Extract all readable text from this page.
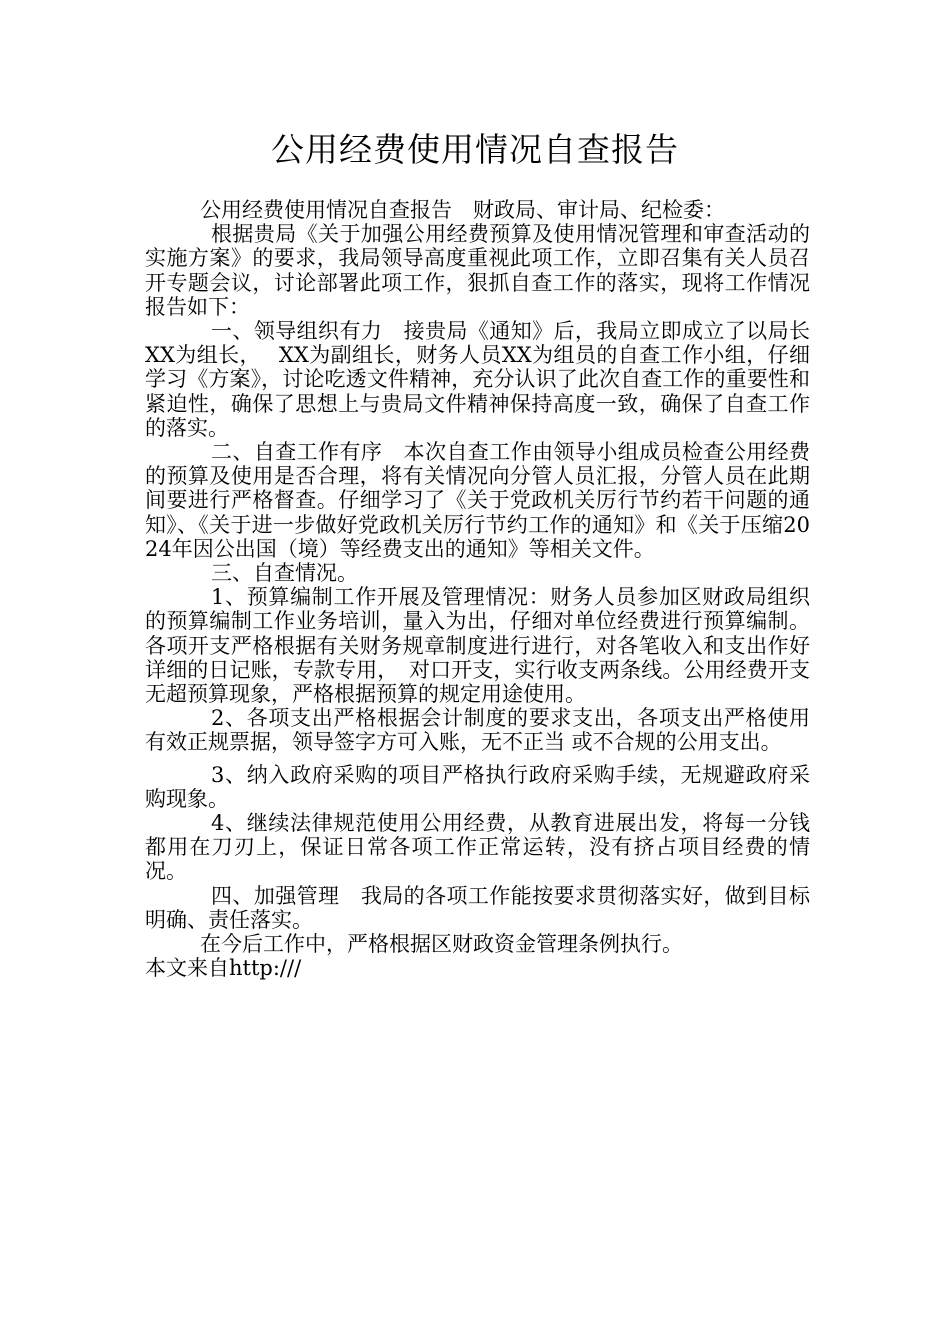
公用经费使用情况自查报告

公用经费使用情况自查报告　财政局、审计局、纪检委：

根据贵局《关于加强公用经费预算及使用情况管理和审查活动的实施方案》的要求，我局领导高度重视此项工作，立即召集有关人员召开专题会议，讨论部署此项工作，狠抓自查工作的落实，现将工作情况报告如下：

一、领导组织有力　接贵局《通知》后，我局立即成立了以局长XX为组长，　 XX为副组长，财务人员XX为组员的自查工作小组，仔细学习《方案》，讨论吃透文件精神，充分认识了此次自查工作的重要性和紧迫性，确保了思想上与贵局文件精神保持高度一致，确保了自查工作的落实。

二、自查工作有序　本次自查工作由领导小组成员检查公用经费的预算及使用是否合理，将有关情况向分管人员汇报，分管人员在此期间要进行严格督查。仔细学习了《关于党政机关厉行节约若干问题的通知》、《关于进一步做好党政机关厉行节约工作的通知》和《关于压缩2024年因公出国（境）等经费支出的通知》等相关文件。

三、自查情况。

1、预算编制工作开展及管理情况：财务人员参加区财政局组织的预算编制工作业务培训，量入为出，仔细对单位经费进行预算编制。各项开支严格根据有关财务规章制度进行进行，对各笔收入和支出作好详细的日记账，专款专用，　对口开支，实行收支两条线。公用经费开支无超预算现象，严格根据预算的规定用途使用。

2、各项支出严格根据会计制度的要求支出，各项支出严格使用有效正规票据，领导签字方可入账，无不正当 或不合规的公用支出。

3、纳入政府采购的项目严格执行政府采购手续，无规避政府采购现象。

4、继续法律规范使用公用经费，从教育进展出发，将每一分钱都用在刀刃上，保证日常各项工作正常运转，没有挤占项目经费的情况。

四、加强管理　我局的各项工作能按要求贯彻落实好，做到目标明确、责任落实。

在今后工作中，严格根据区财政资金管理条例执行。

本文来自http:///
